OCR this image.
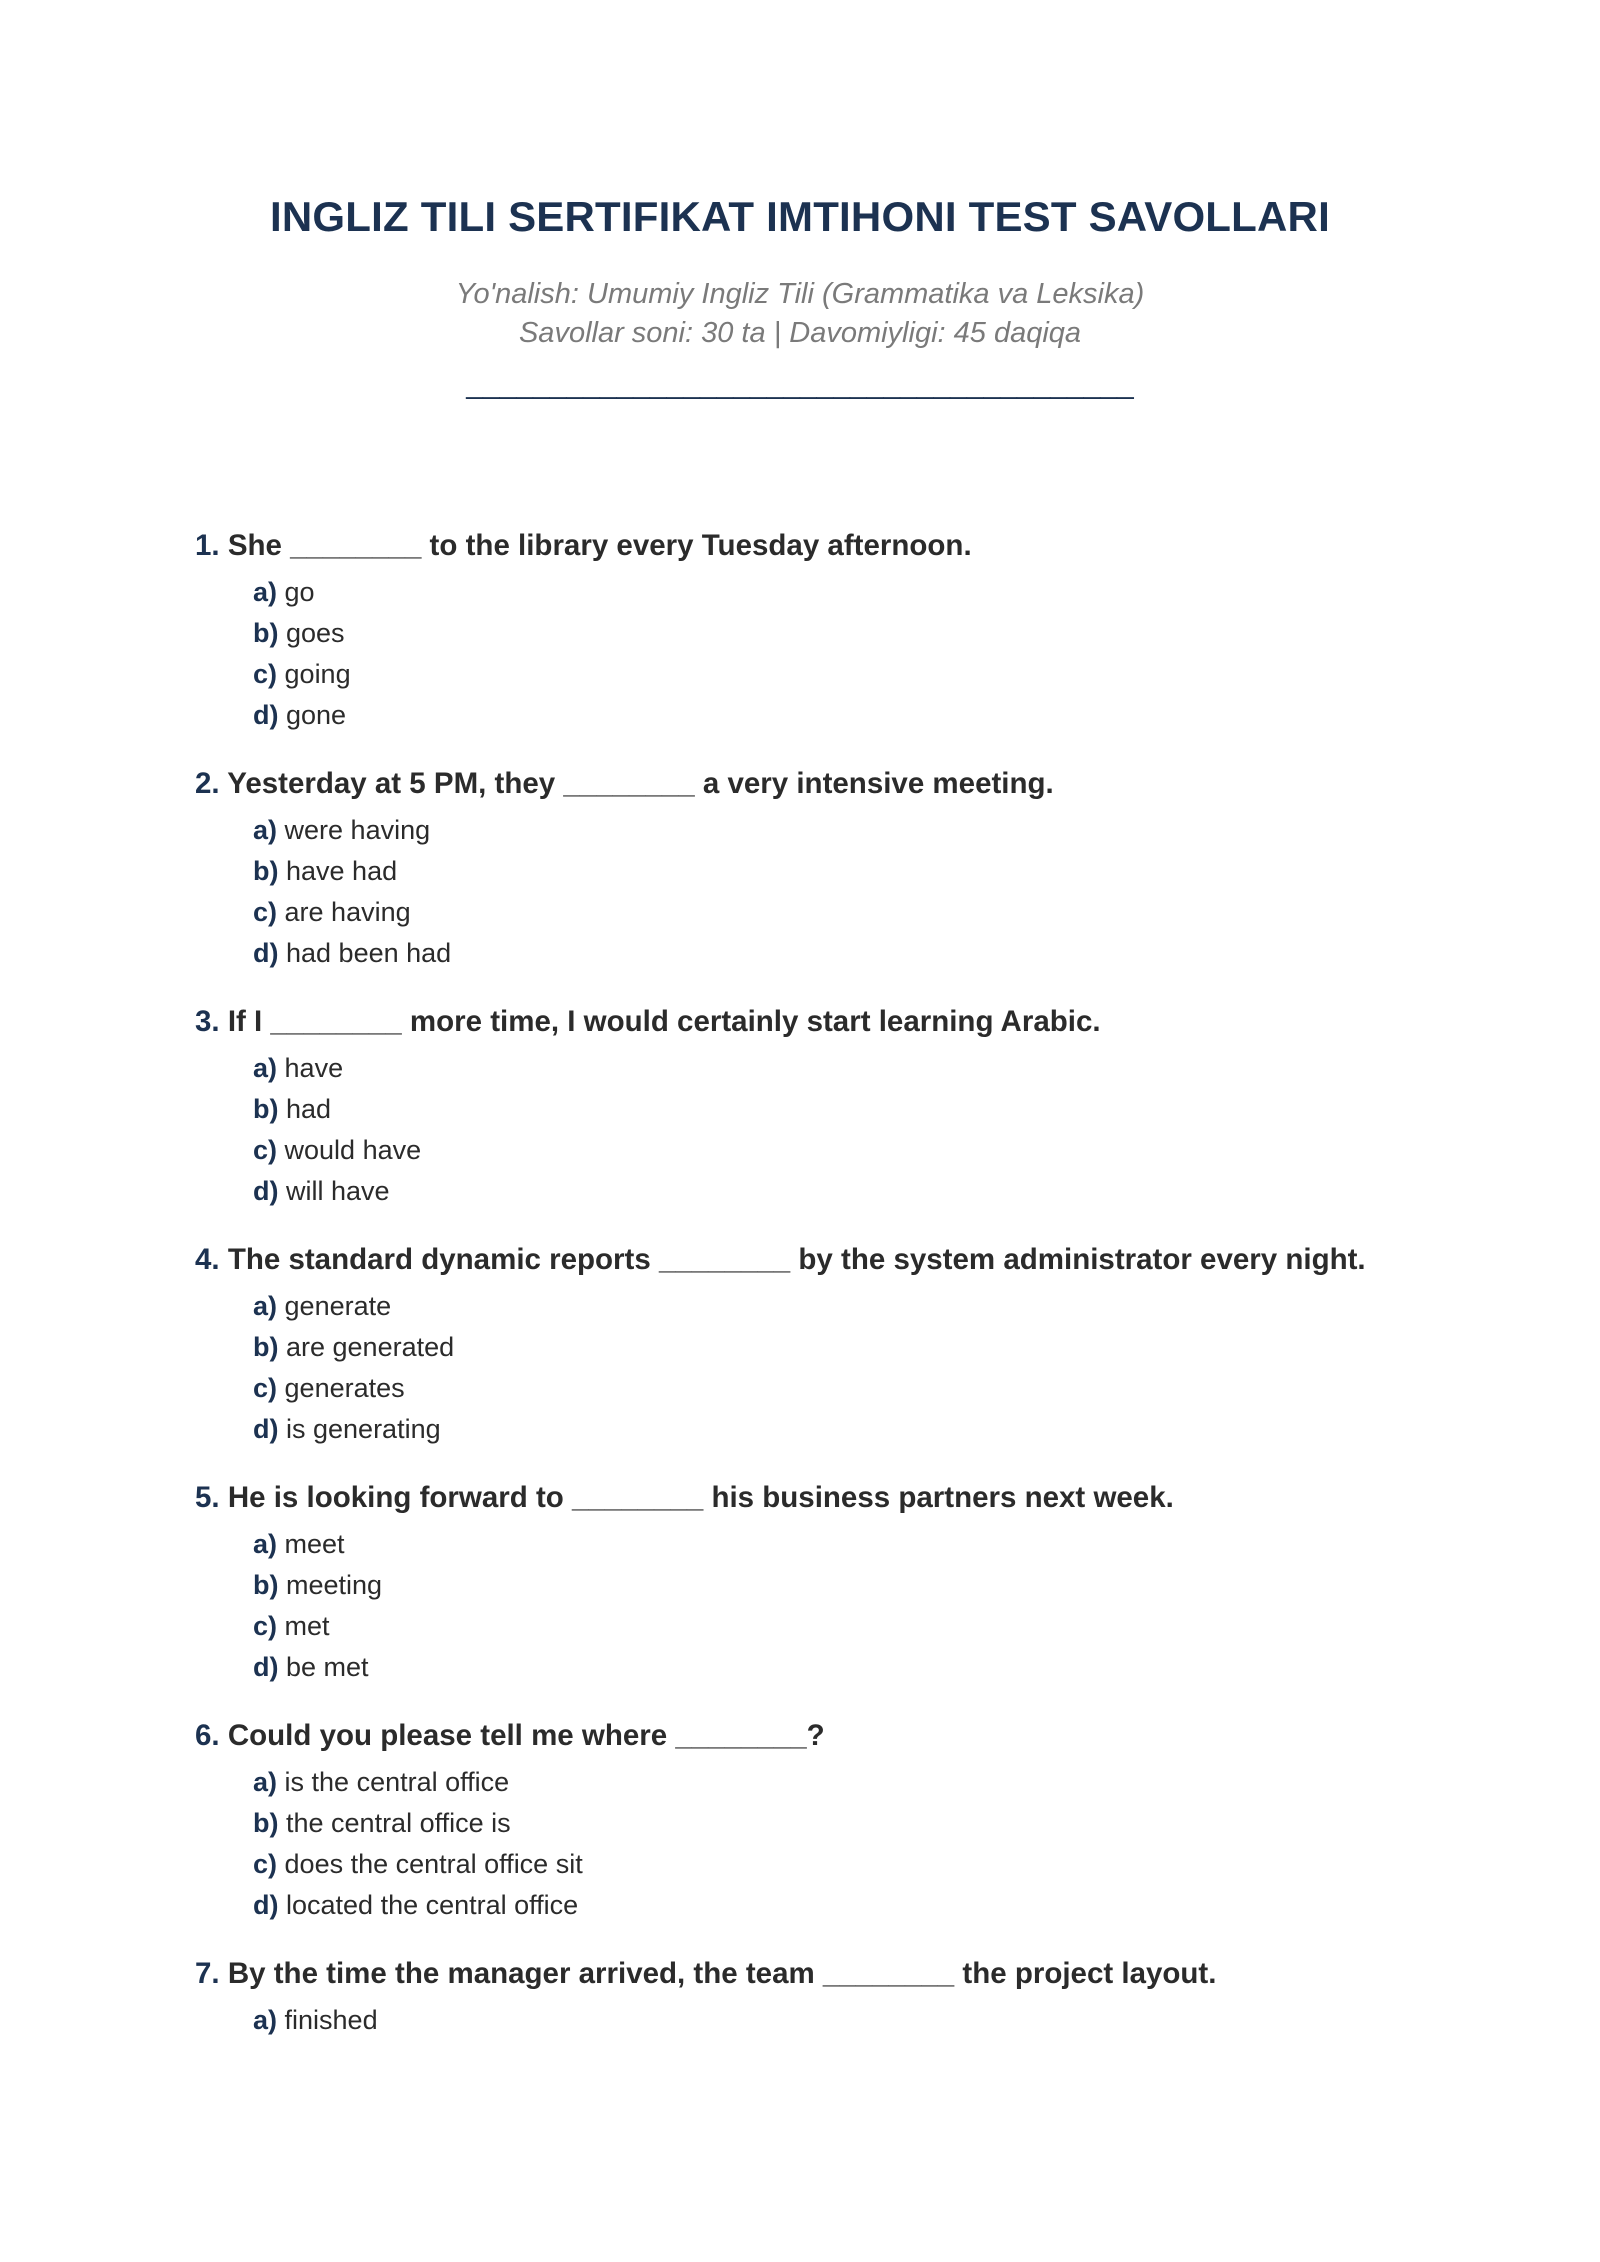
INGLIZ TILI SERTIFIKAT IMTIHONI TEST SAVOLLARI
Yo'nalish: Umumiy Ingliz Tili (Grammatika va Leksika)
Savollar soni: 30 ta | Davomiyligi: 45 daqiqa
________________________________________
1. She ________ to the library every Tuesday afternoon.
a) go
b) goes
c) going
d) gone
2. Yesterday at 5 PM, they ________ a very intensive meeting.
a) were having
b) have had
c) are having
d) had been had
3. If I ________ more time, I would certainly start learning Arabic.
a) have
b) had
c) would have
d) will have
4. The standard dynamic reports ________ by the system administrator every night.
a) generate
b) are generated
c) generates
d) is generating
5. He is looking forward to ________ his business partners next week.
a) meet
b) meeting
c) met
d) be met
6. Could you please tell me where ________?
a) is the central office
b) the central office is
c) does the central office sit
d) located the central office
7. By the time the manager arrived, the team ________ the project layout.
a) finished
